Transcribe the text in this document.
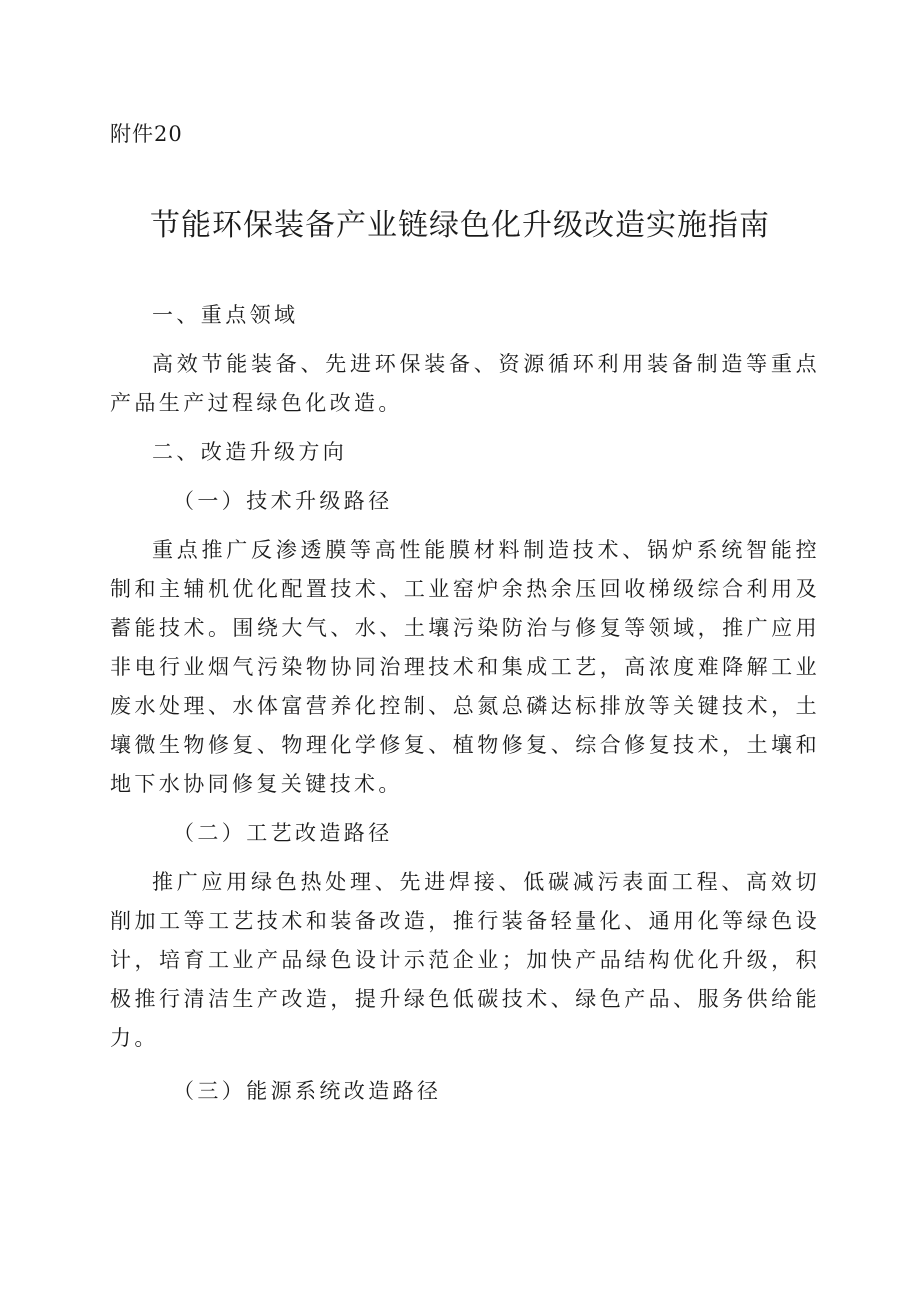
附件20
节能环保装备产业链绿色化升级改造实施指南

一、重点领域

高效节能装备、先进环保装备、资源循环利用装备制造等重点产品生产过程绿色化改造。

二、改造升级方向

（一）技术升级路径

重点推广反渗透膜等高性能膜材料制造技术、锅炉系统智能控制和主辅机优化配置技术、工业窑炉余热余压回收梯级综合利用及蓄能技术。围绕大气、水、土壤污染防治与修复等领域，推广应用非电行业烟气污染物协同治理技术和集成工艺，高浓度难降解工业废水处理、水体富营养化控制、总氮总磷达标排放等关键技术，土壤微生物修复、物理化学修复、植物修复、综合修复技术，土壤和地下水协同修复关键技术。

（二）工艺改造路径

推广应用绿色热处理、先进焊接、低碳减污表面工程、高效切削加工等工艺技术和装备改造，推行装备轻量化、通用化等绿色设计，培育工业产品绿色设计示范企业；加快产品结构优化升级，积极推行清洁生产改造，提升绿色低碳技术、绿色产品、服务供给能力。

（三）能源系统改造路径
